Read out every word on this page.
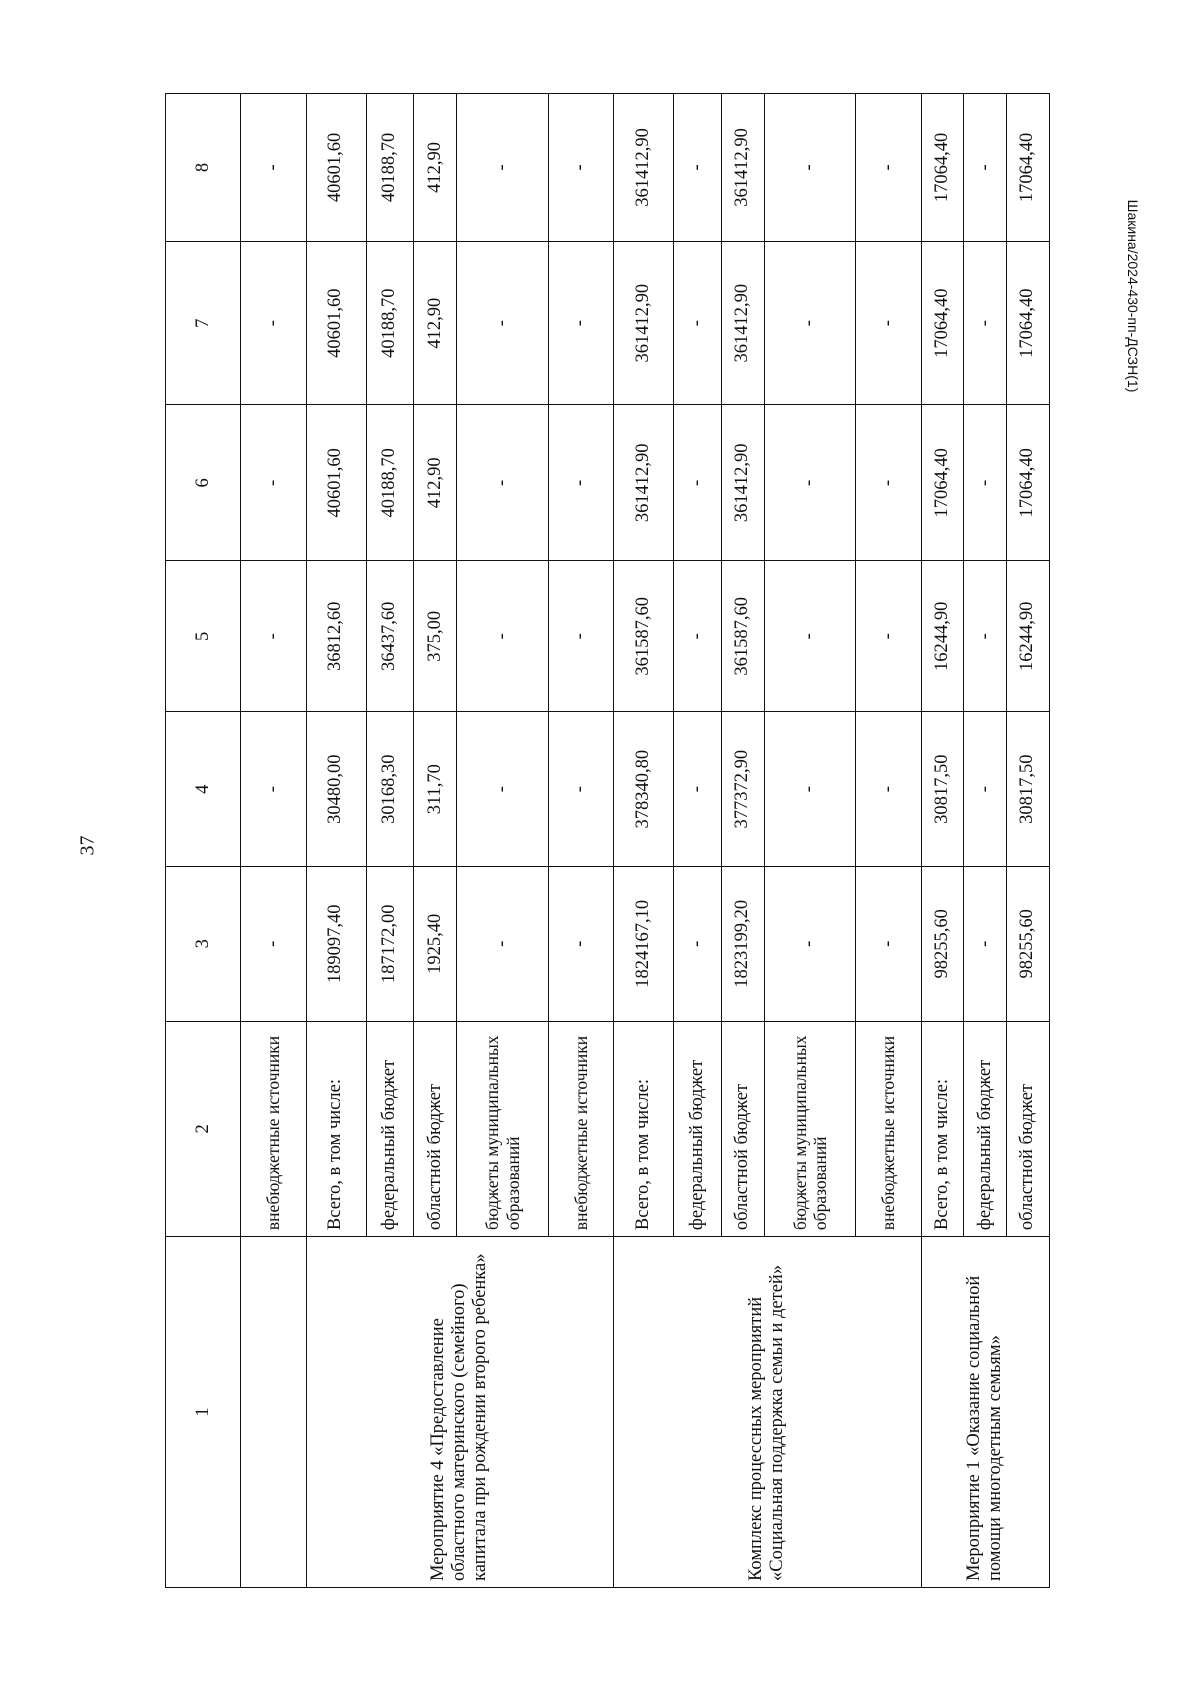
37
Шакина/2024-430-пп-ДСЗН(1)
1	2	3	4	5	6	7	8
	внебюджетные источники	-	-	-	-	-	-
Мероприятие 4 «Предоставление областного материнского (семейного) капитала при рождении второго ребенка»	Всего, в том числе:	189097,40	30480,00	36812,60	40601,60	40601,60	40601,60
	федеральный бюджет	187172,00	30168,30	36437,60	40188,70	40188,70	40188,70
	областной бюджет	1925,40	311,70	375,00	412,90	412,90	412,90
	бюджеты муниципальных образований	-	-	-	-	-	-
	внебюджетные источники	-	-	-	-	-	-
Комплекс процессных мероприятий «Социальная поддержка семьи и детей»	Всего, в том числе:	1824167,10	378340,80	361587,60	361412,90	361412,90	361412,90
	федеральный бюджет	-	-	-	-	-	-
	областной бюджет	1823199,20	377372,90	361587,60	361412,90	361412,90	361412,90
	бюджеты муниципальных образований	-	-	-	-	-	-
	внебюджетные источники	-	-	-	-	-	-
Мероприятие 1 «Оказание социальной помощи многодетным семьям»	Всего, в том числе:	98255,60	30817,50	16244,90	17064,40	17064,40	17064,40
	федеральный бюджет	-	-	-	-	-	-
	областной бюджет	98255,60	30817,50	16244,90	17064,40	17064,40	17064,40
